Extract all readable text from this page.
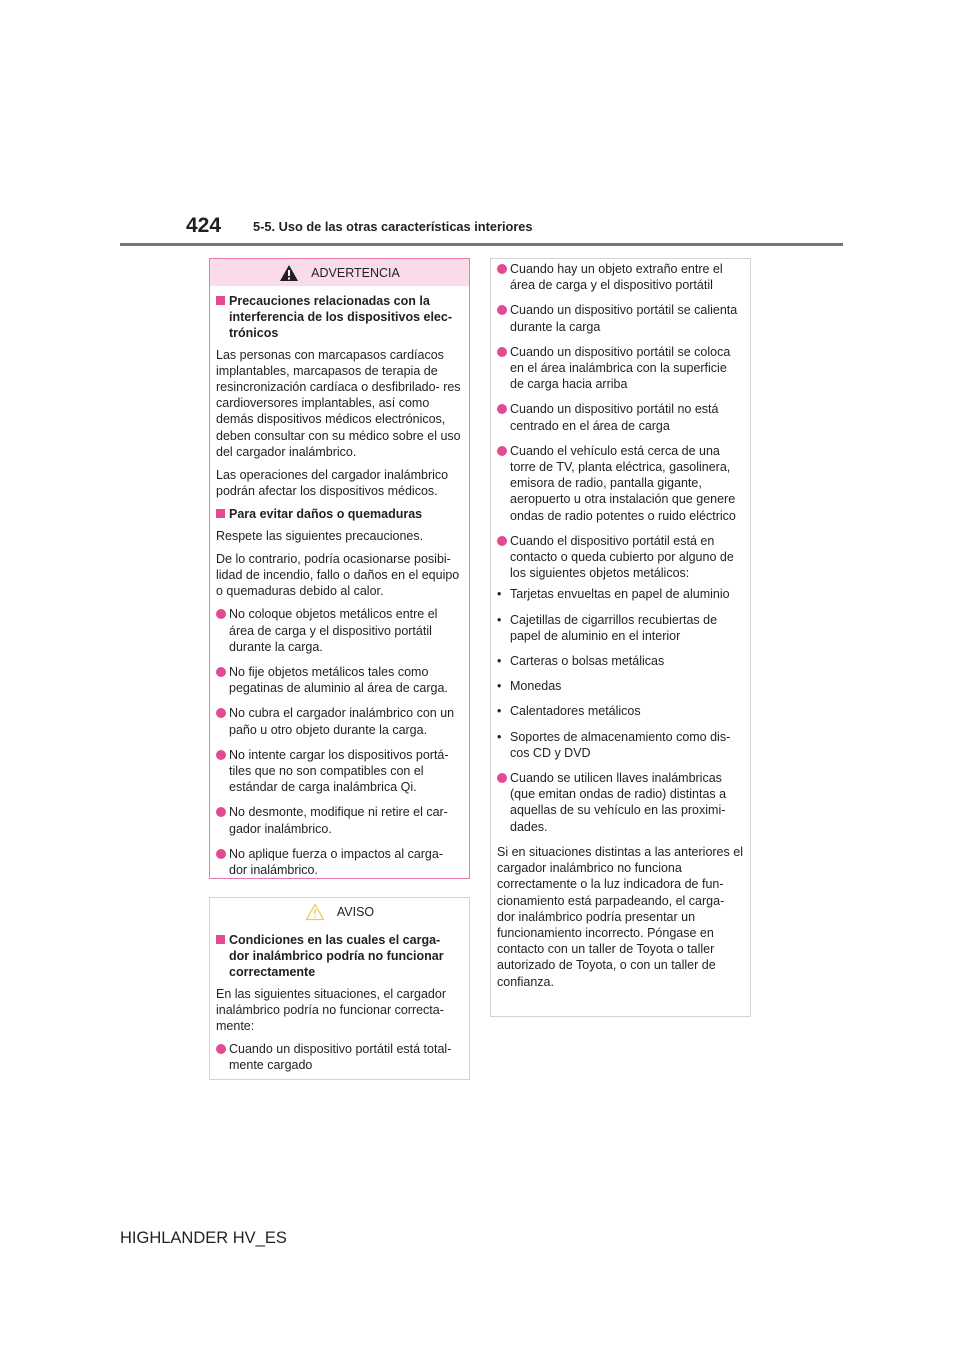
424 5-5. Uso de las otras características interiores
ADVERTENCIA
Precauciones relacionadas con la interferencia de los dispositivos elec- trónicos

Las personas con marcapasos cardíacos implantables, marcapasos de terapia de resincronización cardíaca o desfibrilado- res cardioversores implantables, así como demás dispositivos médicos electrónicos, deben consultar con su médico sobre el uso del cargador inalámbrico.

Las operaciones del cargador inalámbrico podrán afectar los dispositivos médicos.

Para evitar daños o quemaduras

Respete las siguientes precauciones.

De lo contrario, podría ocasionarse posibi- lidad de incendio, fallo o daños en el equipo o quemaduras debido al calor.

No coloque objetos metálicos entre el área de carga y el dispositivo portátil durante la carga.
No fije objetos metálicos tales como pegatinas de aluminio al área de carga.
No cubra el cargador inalámbrico con un paño u otro objeto durante la carga.
No intente cargar los dispositivos portá- tiles que no son compatibles con el estándar de carga inalámbrica Qi.
No desmonte, modifique ni retire el car- gador inalámbrico.
No aplique fuerza o impactos al carga- dor inalámbrico.
AVISO
Condiciones en las cuales el carga- dor inalámbrico podría no funcionar correctamente

En las siguientes situaciones, el cargador inalámbrico podría no funcionar correcta- mente:

Cuando un dispositivo portátil está total- mente cargado
Cuando hay un objeto extraño entre el área de carga y el dispositivo portátil
Cuando un dispositivo portátil se calienta durante la carga
Cuando un dispositivo portátil se coloca en el área inalámbrica con la superficie de carga hacia arriba
Cuando un dispositivo portátil no está centrado en el área de carga
Cuando el vehículo está cerca de una torre de TV, planta eléctrica, gasolinera, emisora de radio, pantalla gigante, aeropuerto u otra instalación que genere ondas de radio potentes o ruido eléctrico
Cuando el dispositivo portátil está en contacto o queda cubierto por alguno de los siguientes objetos metálicos:
• Tarjetas envueltas en papel de aluminio
• Cajetillas de cigarrillos recubiertas de papel de aluminio en el interior
• Carteras o bolsas metálicas
• Monedas
• Calentadores metálicos
• Soportes de almacenamiento como dis- cos CD y DVD
Cuando se utilicen llaves inalámbricas (que emitan ondas de radio) distintas a aquellas de su vehículo en las proximi- dades.

Si en situaciones distintas a las anteriores el cargador inalámbrico no funciona correctamente o la luz indicadora de fun- cionamiento está parpadeando, el carga- dor inalámbrico podría presentar un funcionamiento incorrecto. Póngase en contacto con un taller de Toyota o taller autorizado de Toyota, o con un taller de confianza.

HIGHLANDER HV_ES
